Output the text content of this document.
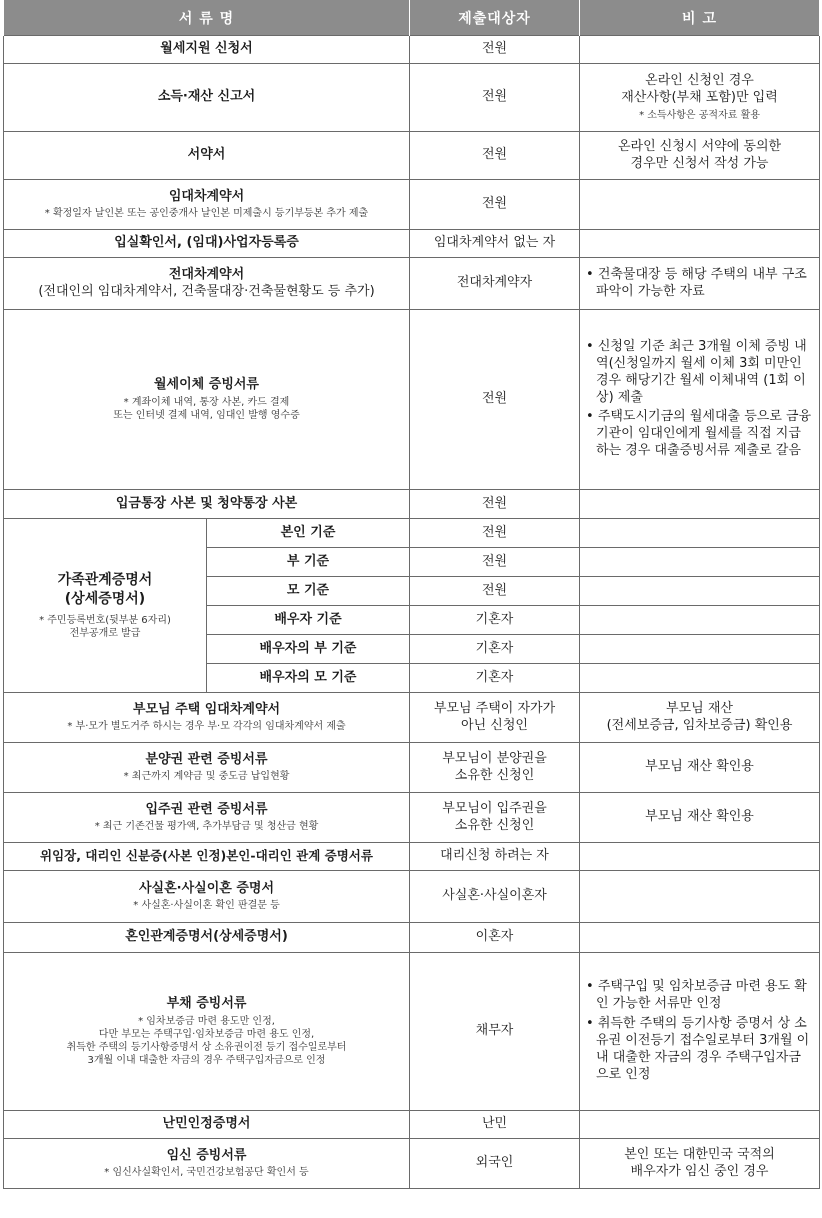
서 류 명		제출대상자	비 고
월세지원 신청서		전원	
소득·재산 신고서		전원	온라인 신청인 경우
재산사항(부채 포함)만 입력
* 소득사항은 공적자료 활용

서약서		전원	온라인 신청시 서약에 동의한
경우만 신청서 작성 가능

임대차계약서
* 확정일자 날인본 또는 공인중개사 날인본 미제출시 등기부등본 추가 제출		전원	
입실확인서, (임대)사업자등록증		임대차계약서 없는 자	

전대차계약서
(전대인의 임대차계약서, 건축물대장·건축물현황도 등 추가)		전대차계약자	• 건축물대장 등 해당 주택의 내부 구조 파악이 가능한 자료

월세이체 증빙서류
* 계좌이체 내역, 통장 사본, 카드 결제
또는 인터넷 결제 내역, 임대인 발행 영수증		전원	• 신청일 기준 최근 3개월 이체 증빙 내역(신청일까지 월세 이체 3회 미만인 경우 해당기간 월세 이체내역 (1회 이상) 제출
• 주택도시기금의 월세대출 등으로 금융기관이 임대인에게 월세를 직접 지급하는 경우 대출증빙서류 제출로 갈음

입금통장 사본 및 청약통장 사본		전원	

가족관계증명서
(상세증명서)
* 주민등록번호(뒷부분 6자리)
전부공개로 발급	본인 기준	전원	
	부 기준	전원	
	모 기준	전원	
	배우자 기준	기혼자	
	배우자의 부 기준	기혼자	
	배우자의 모 기준	기혼자	

부모님 주택 임대차계약서
* 부·모가 별도거주 하시는 경우 부·모 각각의 임대차계약서 제출		부모님 주택이 자가가
아닌 신청인	부모님 재산
(전세보증금, 임차보증금) 확인용

분양권 관련 증빙서류
* 최근까지 계약금 및 중도금 납입현황		부모님이 분양권을
소유한 신청인	부모님 재산 확인용

입주권 관련 증빙서류
* 최근 기존건물 평가액, 추가부담금 및 청산금 현황		부모님이 입주권을
소유한 신청인	부모님 재산 확인용
위임장, 대리인 신분증(사본 인정)본인-대리인 관계 증명서류		대리신청 하려는 자	

사실혼·사실이혼 증명서
* 사실혼·사실이혼 확인 판결문 등		사실혼·사실이혼자	
혼인관계증명서(상세증명서)		이혼자	

부채 증빙서류
* 임차보증금 마련 용도만 인정,
다만 부모는 주택구입·임차보증금 마련 용도 인정,
취득한 주택의 등기사항증명서 상 소유권이전 등기 접수일로부터
3개월 이내 대출한 자금의 경우 주택구입자금으로 인정		채무자	• 주택구입 및 임차보증금 마련 용도 확인 가능한 서류만 인정
• 취득한 주택의 등기사항 증명서 상 소유권 이전등기 접수일로부터 3개월 이내 대출한 자금의 경우 주택구입자금으로 인정

난민인정증명서		난민	

임신 증빙서류
* 임신사실확인서, 국민건강보험공단 확인서 등		외국인	본인 또는 대한민국 국적의
배우자가 임신 중인 경우
